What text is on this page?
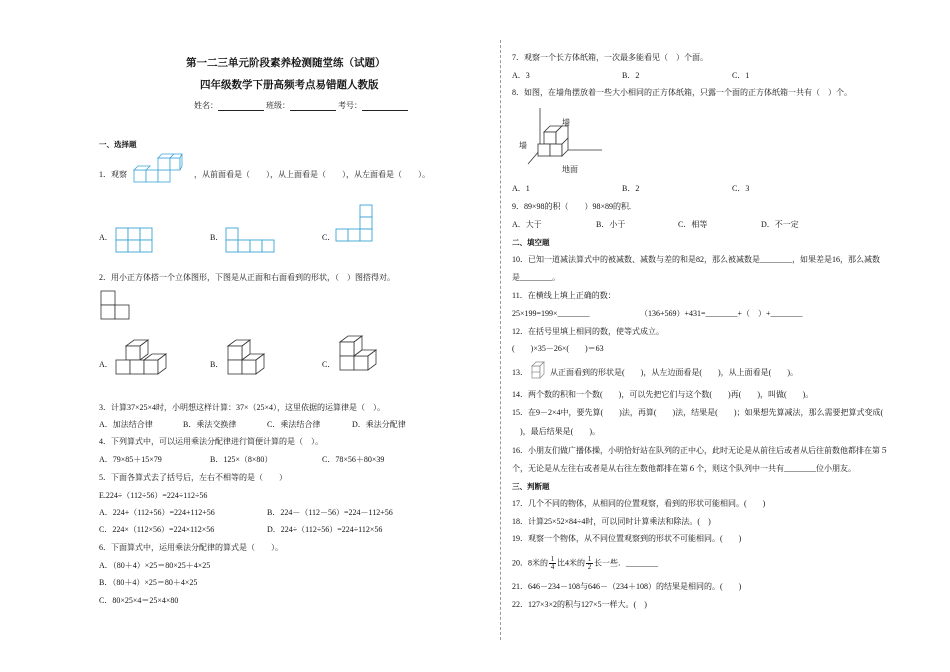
第一二三单元阶段素养检测随堂练（试题）
四年级数学下册高频考点易错题人教版
姓名：	班级：	考号：
一、选择题
1．观察	，从前面看是（　　），从上面看是（　　），从左面看是（　　）。
A．	B．	C．
2．用小正方体搭一个立体图形，下图是从正面和右面看到的形状，（　）图搭得对。
A．	B．	C．
3．计算37×25×4时，小明想这样计算：37×（25×4），这里依据的运算律是（　）。
A．加法结合律	B．乘法交换律	C．乘法结合律	D．乘法分配律
4．下列算式中，可以运用乘法分配律进行简便计算的是（　）。
A．79×85＋15×79	B．125×（8×80）	C．78×56＋80×39
5．下面各算式去了括号后，左右不相等的是（　　）
E.224÷（112÷56）=224÷112÷56
A．224+（112+56）=224+112+56	B．224－（112－56）=224－112+56
C．224×（112×56）=224×112×56	D．224÷（112÷56）=224÷112×56
6．下面算式中，运用乘法分配律的算式是（　　）。
A．（80＋4）×25＝80×25＋4×25
B．（80＋4）×25＝80＋4×25
C．80×25×4＝25×4×80
7．观察一个长方体纸箱，一次最多能看见（　）个面。
A．3	B．2	C．1
8．如图，在墙角摆放着一些大小相同的正方体纸箱，只露一个面的正方体纸箱一共有（　）个。
墙
墙
地面
A．1	B．2	C．3
9．89×98的积（　　）98×89的积.
A．大于	B．小于	C．相等	D．不一定
二、填空题
10．已知一道减法算式中的被减数、减数与差的和是82，那么被减数是________，如果差是16，那么减数
是________。
11．在横线上填上正确的数：
25×199=199×________	（136+569）+431=________+（　）+________
12．在括号里填上相同的数，使等式成立。
(　　)×35－26×(　　)＝63
13．	从正面看到的形状是(　　)，从左边面看是(　　)，从上面看是(　　)。
14．两个数的积和一个数(　　)，可以先把它们与这个数(　　)再(　　)，叫做(　　)。
15．在9－2×4中，要先算(　　)法，再算(　　)法，结果是(　　)；如果想先算减法，那么需要把算式变成(　
　)，最后结果是(　　)。
16．小朋友们做广播体操，小明恰好站在队列的正中心，此时无论是从前往后或者从后往前数他都排在第５
个，无论是从左往右或者是从右往左数他都排在第６个，则这个队列中一共有________位小朋友。
三、判断题
17．几个不同的物体，从相同的位置观察，看到的形状可能相同。(　　)
18．计算25×52×84÷4时，可以同时计算乘法和除法。(　)
19．观察一个物体，从不同位置观察到的形状不可能相同。(　　)
20．8米的 $\frac{1}{4}$ 比4米的 $\frac{1}{2}$ 长一些．________
21．646－234－108与646－（234＋108）的结果是相同的。(　　)
22．127×3×2的积与127×5一样大。(　)
